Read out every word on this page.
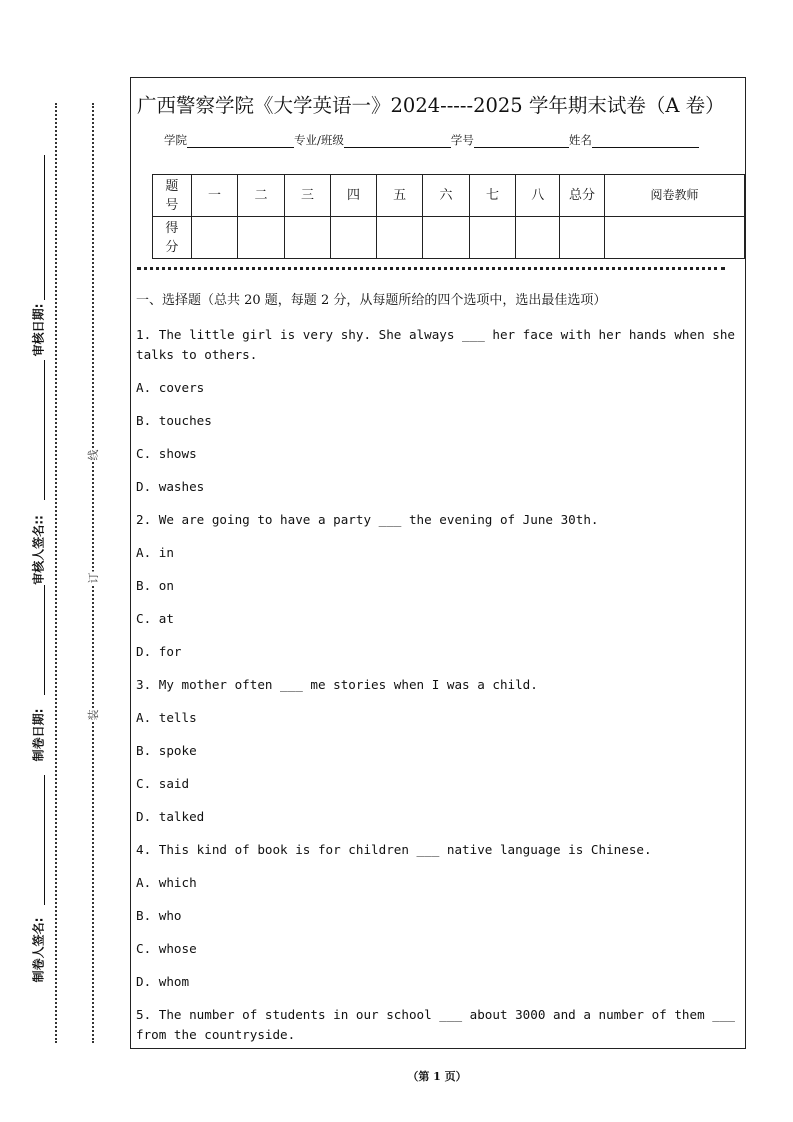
审核日期:
审核人签名::
制卷日期:
制卷人签名:
线
订
装
广西警察学院《大学英语一》2024-----2025 学年期末试卷（A 卷）
学院	专业/班级	学号	姓名
题号	一	二	三	四	五	六	七	八	总分	阅卷教师
得分										

一、选择题（总共 20 题，每题 2 分，从每题所给的四个选项中，选出最佳选项）

1. The little girl is very shy. She always ___ her face with her hands when she talks to others.

A. covers

B. touches

C. shows

D. washes

2. We are going to have a party ___ the evening of June 30th.

A. in

B. on

C. at

D. for

3. My mother often ___ me stories when I was a child.

A. tells

B. spoke

C. said

D. talked

4. This kind of book is for children ___ native language is Chinese.

A. which

B. who

C. whose

D. whom

5. The number of students in our school ___ about 3000 and a number of them ___ from the countryside.

（第 1 页）
